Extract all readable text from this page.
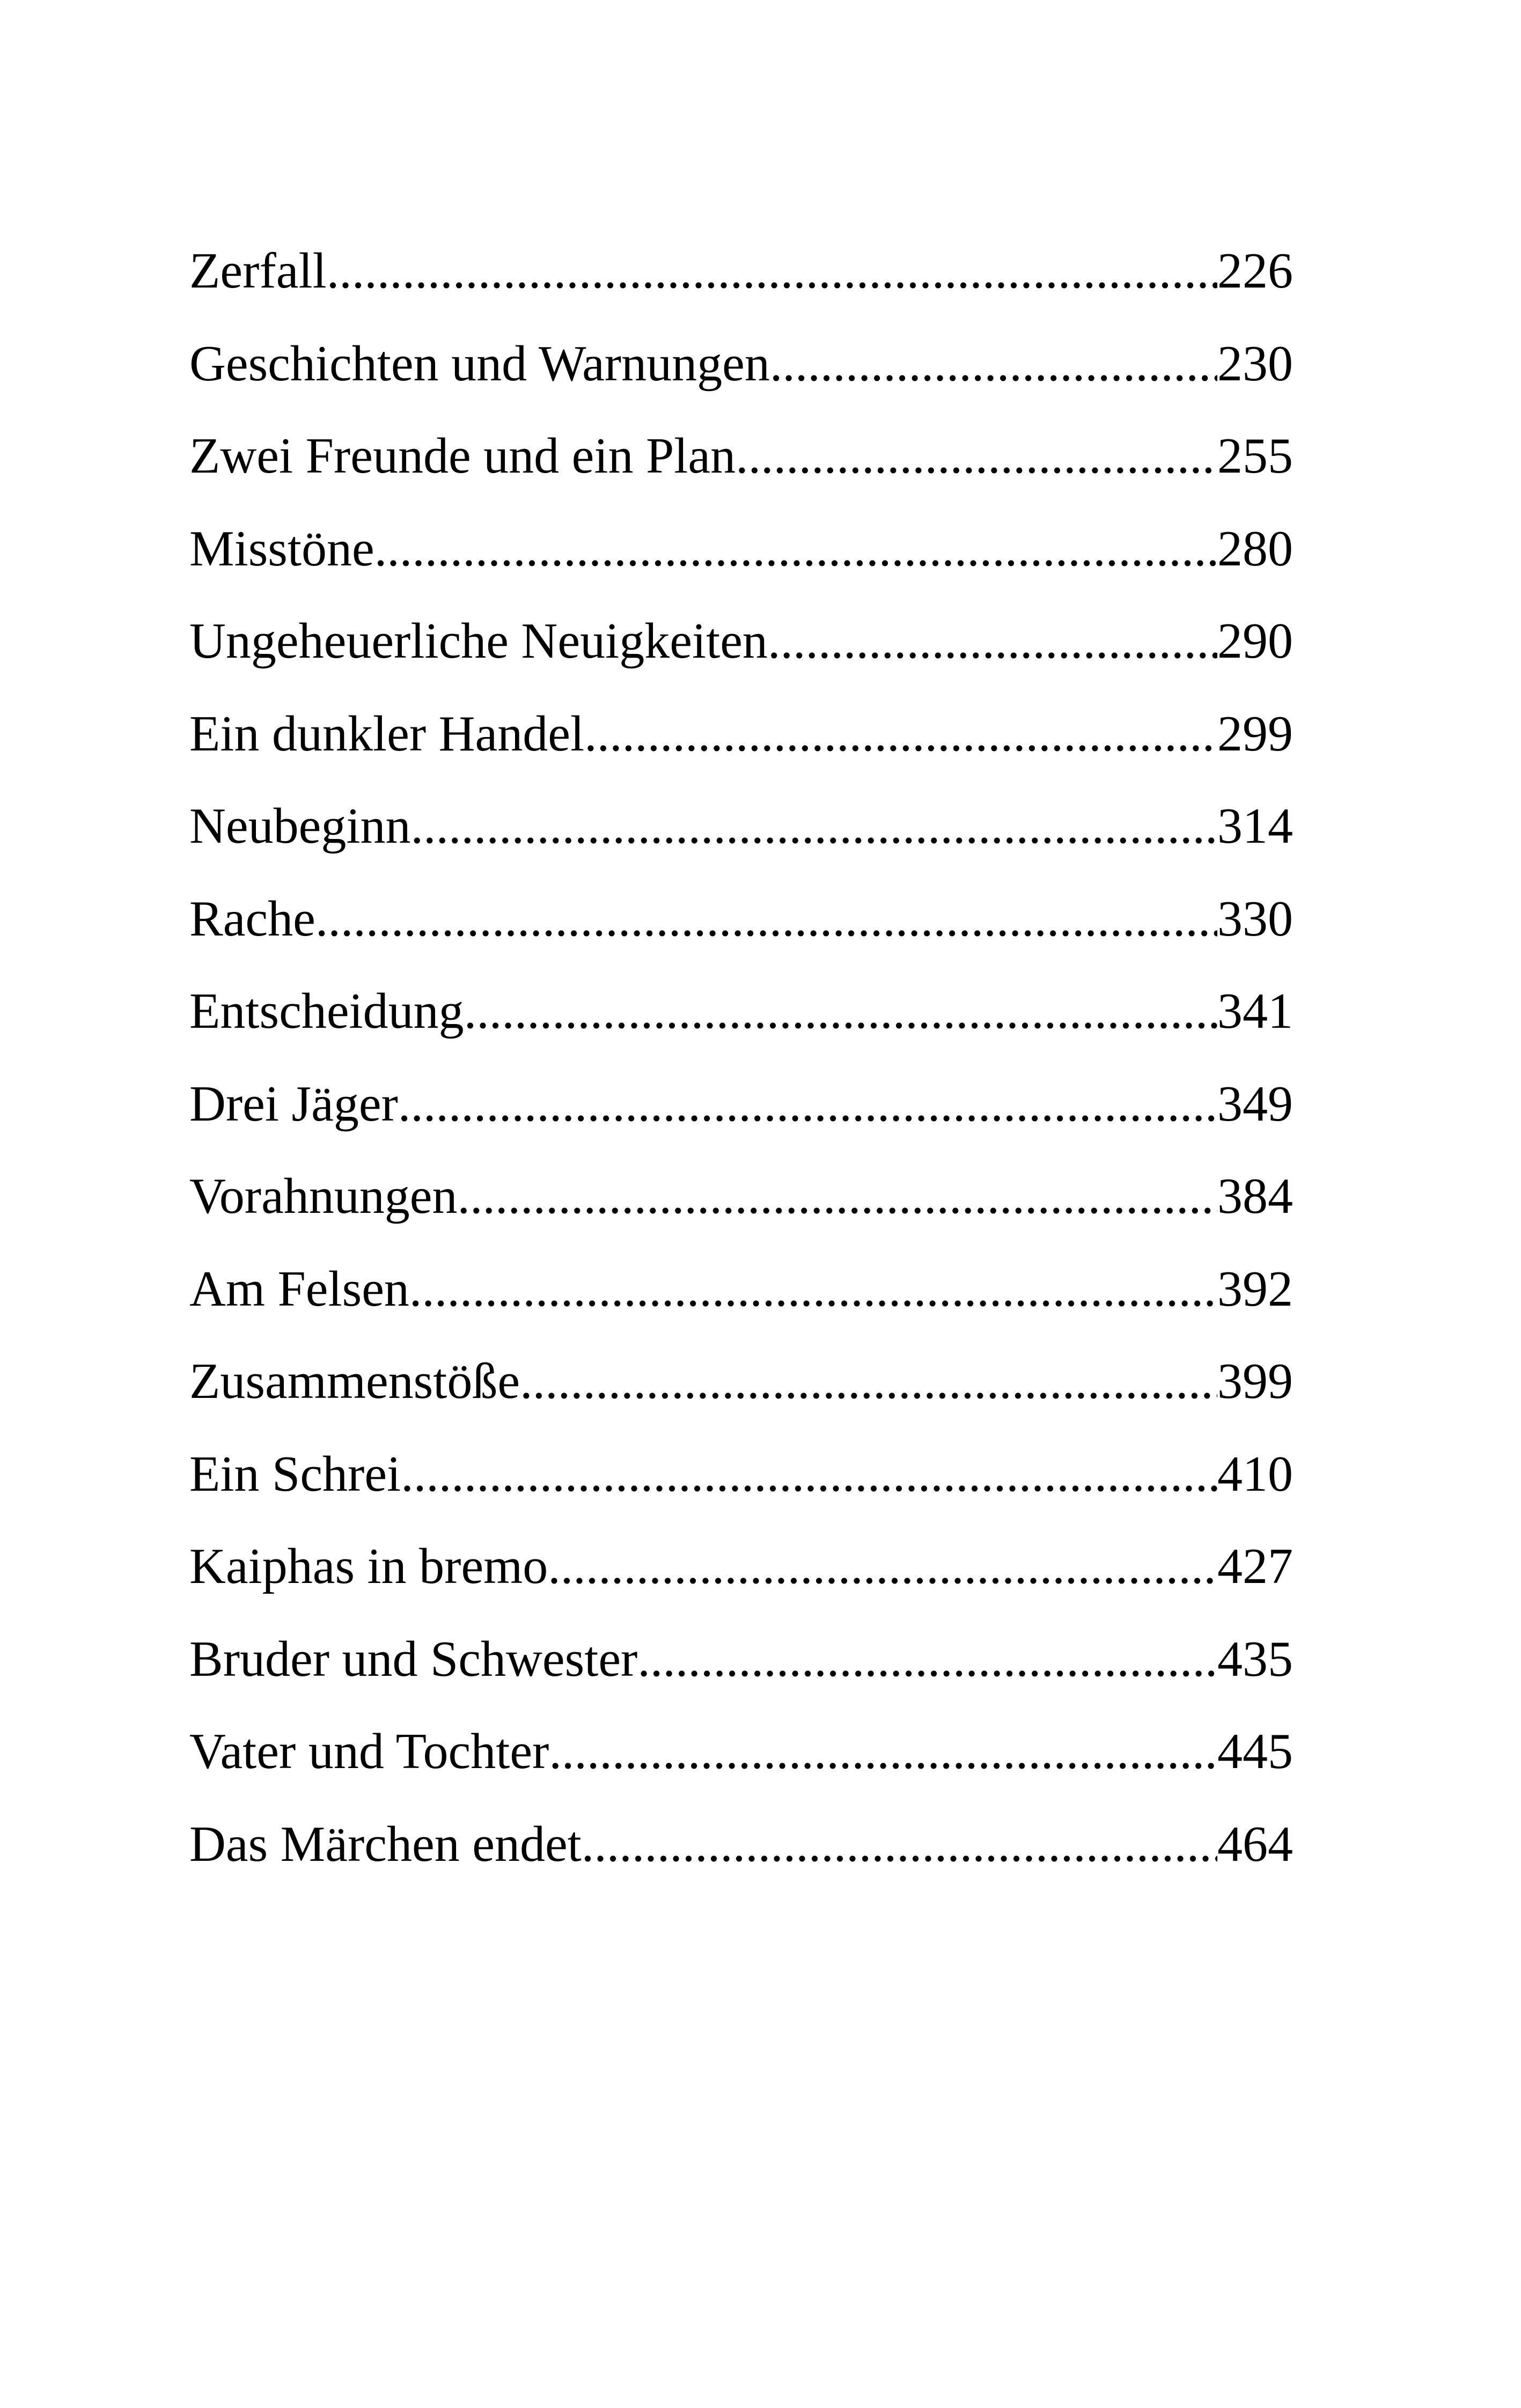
Zerfall .....	226
Geschichten und Warnungen .....	230
Zwei Freunde und ein Plan .....	255
Misstöne .....	280
Ungeheuerliche Neuigkeiten .....	290
Ein dunkler Handel .....	299
Neubeginn .....	314
Rache .....	330
Entscheidung .....	341
Drei Jäger .....	349
Vorahnungen .....	384
Am Felsen .....	392
Zusammenstöße .....	399
Ein Schrei .....	410
Kaiphas in bremo .....	427
Bruder und Schwester .....	435
Vater und Tochter .....	445
Das Märchen endet .....	464
